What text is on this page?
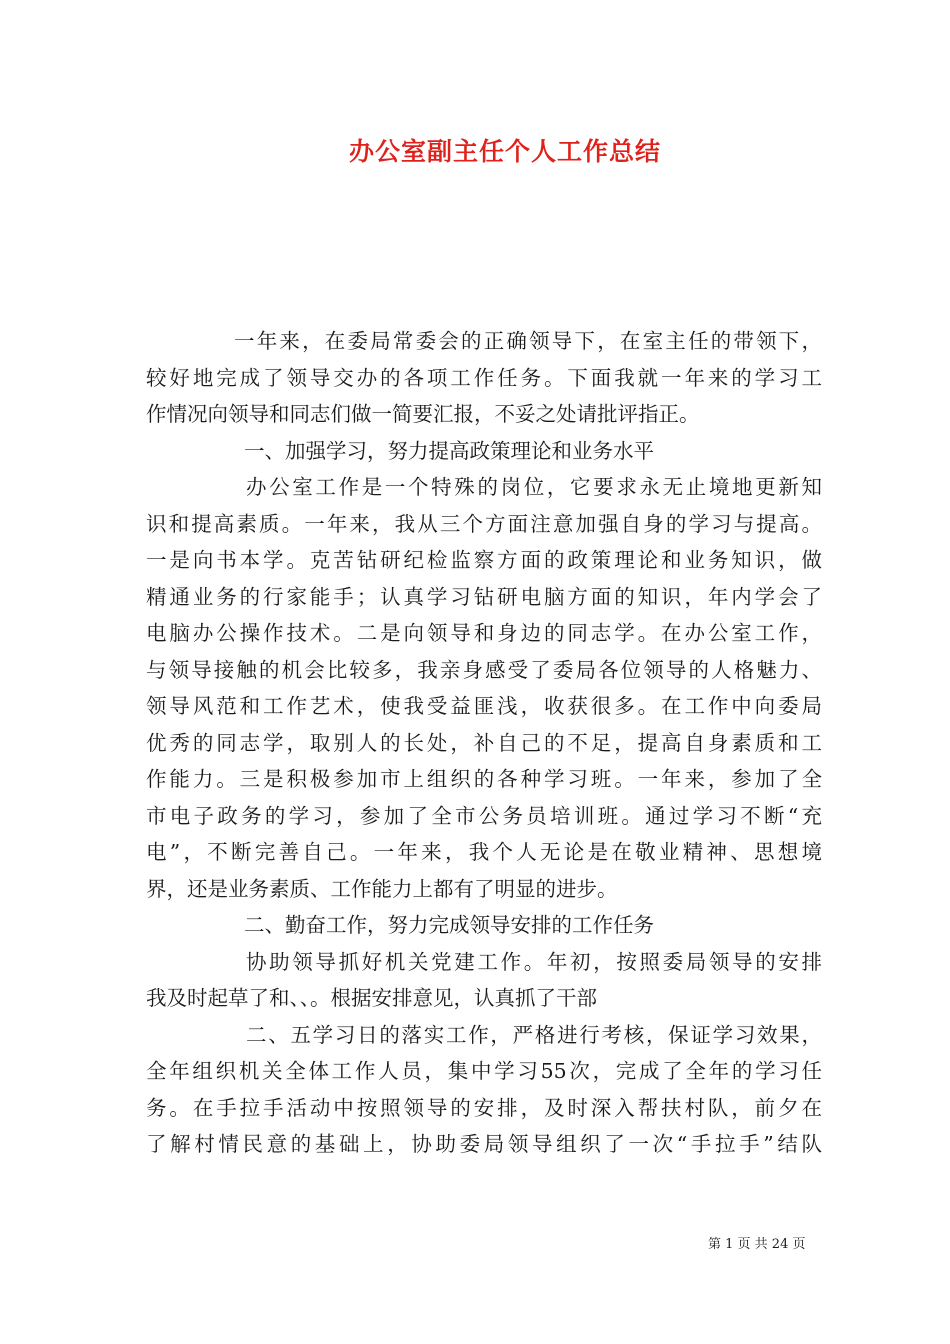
办公室副主任个人工作总结
一年来，在委局常委会的正确领导下，在室主任的带领下，
较好地完成了领导交办的各项工作任务。下面我就一年来的学习工
作情况向领导和同志们做一简要汇报，不妥之处请批评指正。
一、加强学习，努力提高政策理论和业务水平
办公室工作是一个特殊的岗位，它要求永无止境地更新知
识和提高素质。一年来，我从三个方面注意加强自身的学习与提高。
一是向书本学。克苦钻研纪检监察方面的政策理论和业务知识，做
精通业务的行家能手；认真学习钻研电脑方面的知识，年内学会了
电脑办公操作技术。二是向领导和身边的同志学。在办公室工作，
与领导接触的机会比较多，我亲身感受了委局各位领导的人格魅力、
领导风范和工作艺术，使我受益匪浅，收获很多。在工作中向委局
优秀的同志学，取别人的长处，补自己的不足，提高自身素质和工
作能力。三是积极参加市上组织的各种学习班。一年来，参加了全
市电子政务的学习，参加了全市公务员培训班。通过学习不断“充
电”，不断完善自己。一年来，我个人无论是在敬业精神、思想境
界，还是业务素质、工作能力上都有了明显的进步。
二、勤奋工作，努力完成领导安排的工作任务
协助领导抓好机关党建工作。年初，按照委局领导的安排
我及时起草了和、、。根据安排意见，认真抓了干部
二、五学习日的落实工作，严格进行考核，保证学习效果，
全年组织机关全体工作人员，集中学习55次，完成了全年的学习任
务。在手拉手活动中按照领导的安排，及时深入帮扶村队，前夕在
了解村情民意的基础上，协助委局领导组织了一次“手拉手”结队
第 1 页 共 24 页
